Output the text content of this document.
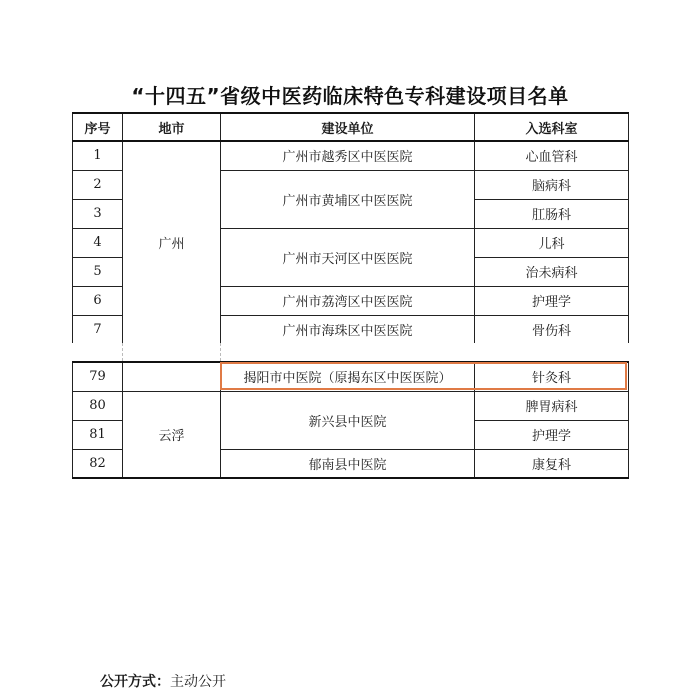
“十四五”省级中医药临床特色专科建设项目名单
序号	地市	建设单位	入选科室
1	广州	广州市越秀区中医医院	心血管科
2		广州市黄埔区中医医院	脑病科
3			肛肠科
4		广州市天河区中医医院	儿科
5			治未病科
6		广州市荔湾区中医医院	护理学
7		广州市海珠区中医医院	骨伤科
79		揭阳市中医院（原揭东区中医医院）	针灸科
80	云浮	新兴县中医院	脾胃病科
81			护理学
82		郁南县中医院	康复科
公开方式：主动公开
